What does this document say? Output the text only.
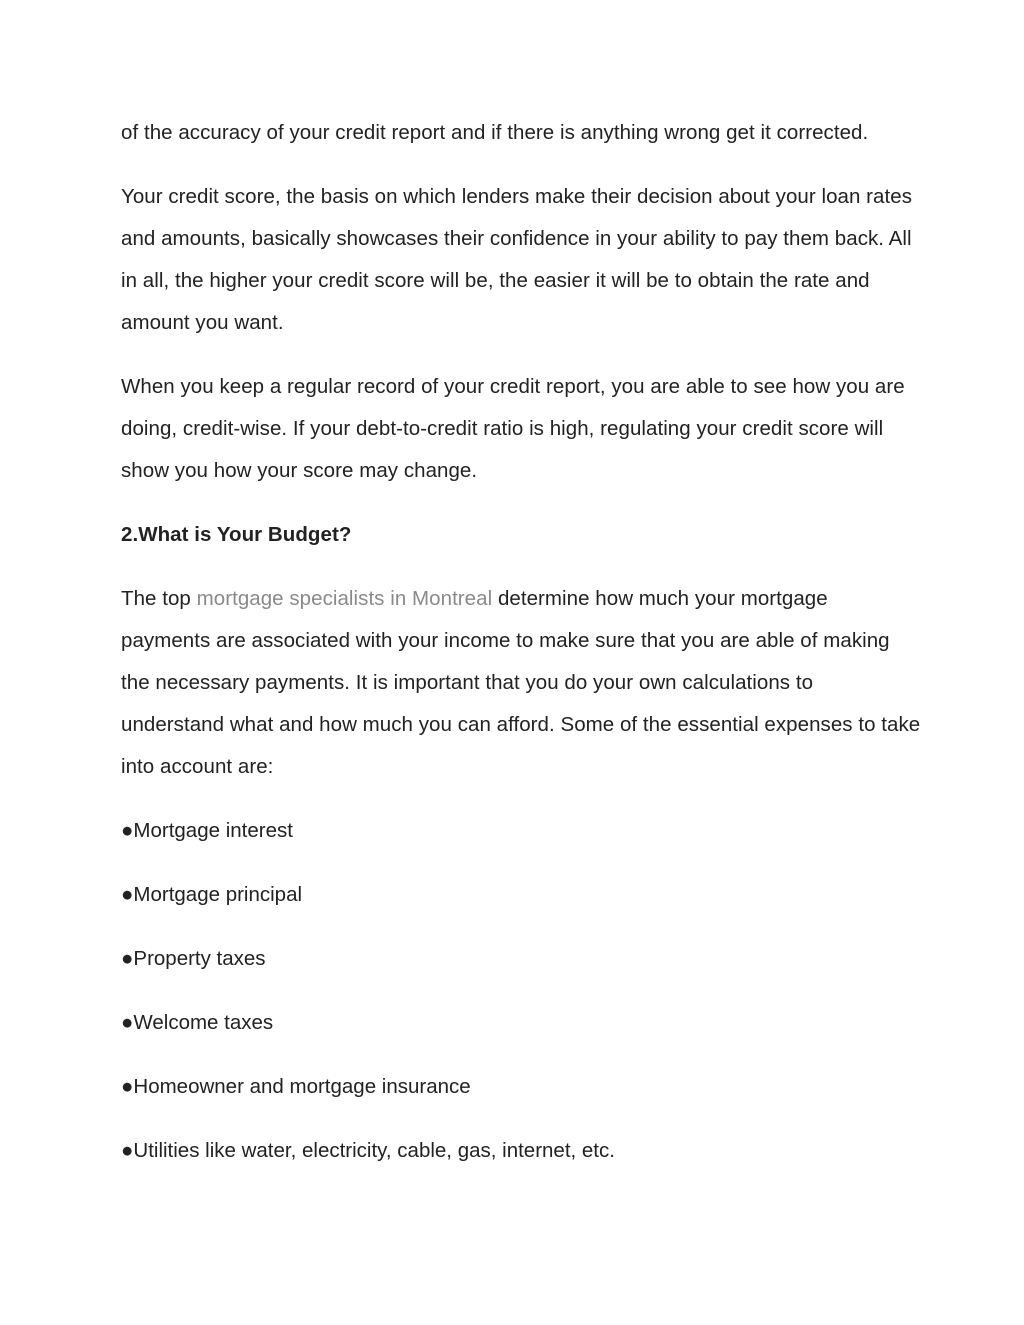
of the accuracy of your credit report and if there is anything wrong get it corrected.

Your credit score, the basis on which lenders make their decision about your loan rates and amounts, basically showcases their confidence in your ability to pay them back. All in all, the higher your credit score will be, the easier it will be to obtain the rate and amount you want.

When you keep a regular record of your credit report, you are able to see how you are doing, credit-wise. If your debt-to-credit ratio is high, regulating your credit score will show you how your score may change.

2.What is Your Budget?

The top mortgage specialists in Montreal determine how much your mortgage payments are associated with your income to make sure that you are able of making the necessary payments. It is important that you do your own calculations to understand what and how much you can afford. Some of the essential expenses to take into account are:

●Mortgage interest

●Mortgage principal

●Property taxes

●Welcome taxes

●Homeowner and mortgage insurance

●Utilities like water, electricity, cable, gas, internet, etc.
